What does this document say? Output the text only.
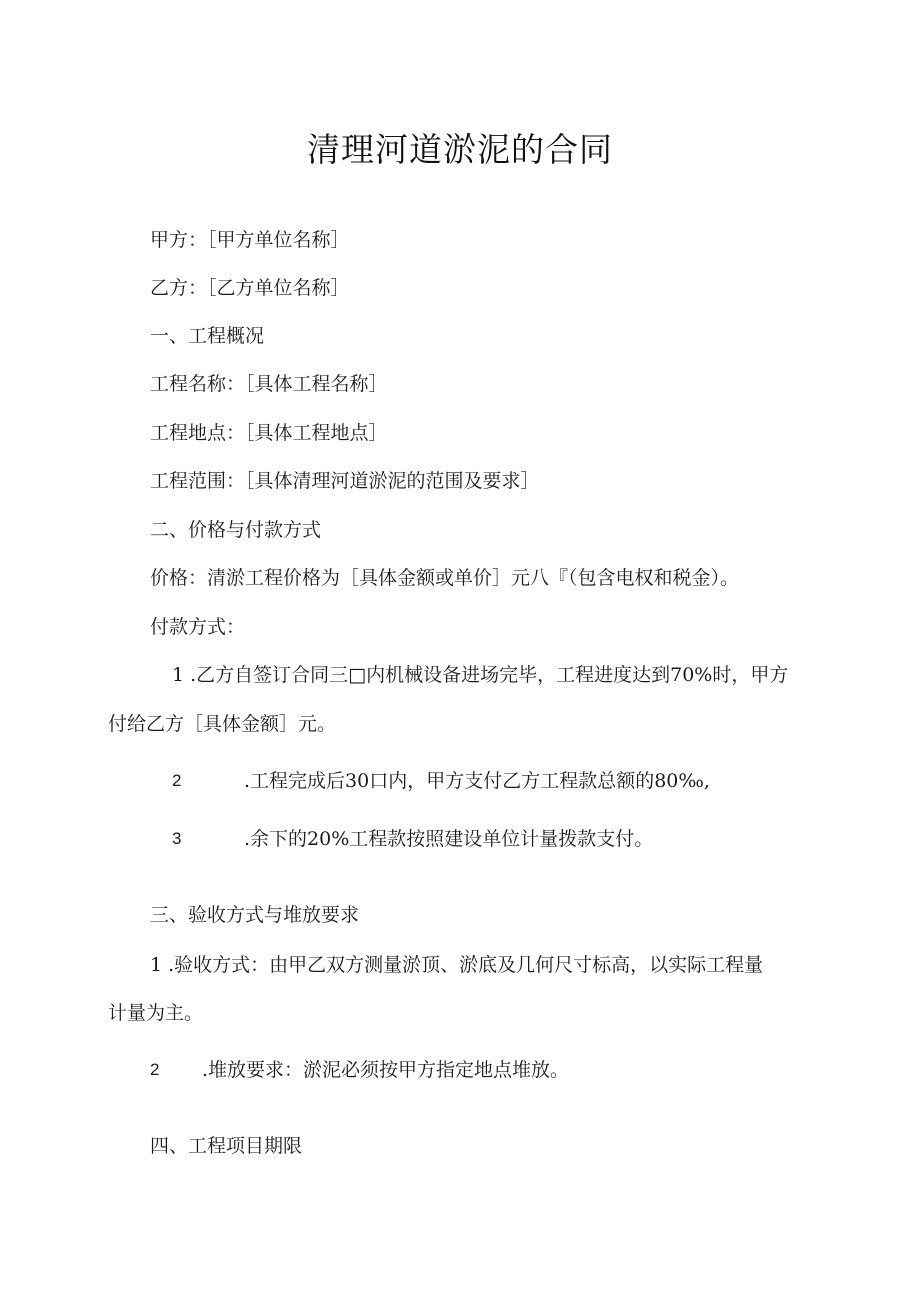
清理河道淤泥的合同
甲方：［甲方单位名称］
乙方：［乙方单位名称］
一、工程概况
工程名称：［具体工程名称］
工程地点：［具体工程地点］
工程范围：［具体清理河道淤泥的范围及要求］
二、价格与付款方式
价格：清淤工程价格为［具体金额或单价］元八『（包含电权和税金）。
付款方式：
1 .乙方自签订合同三□内机械设备进场完毕，工程进度达到70%时，甲方
付给乙方［具体金额］元。
2	.工程完成后30口内，甲方支付乙方工程款总额的80‰,
3	.余下的20%工程款按照建设单位计量拨款支付。
三、验收方式与堆放要求
1 .验收方式：由甲乙双方测量淤顶、淤底及几何尺寸标高，以实际工程量
计量为主。
2 .堆放要求：淤泥必须按甲方指定地点堆放。
四、工程项目期限
